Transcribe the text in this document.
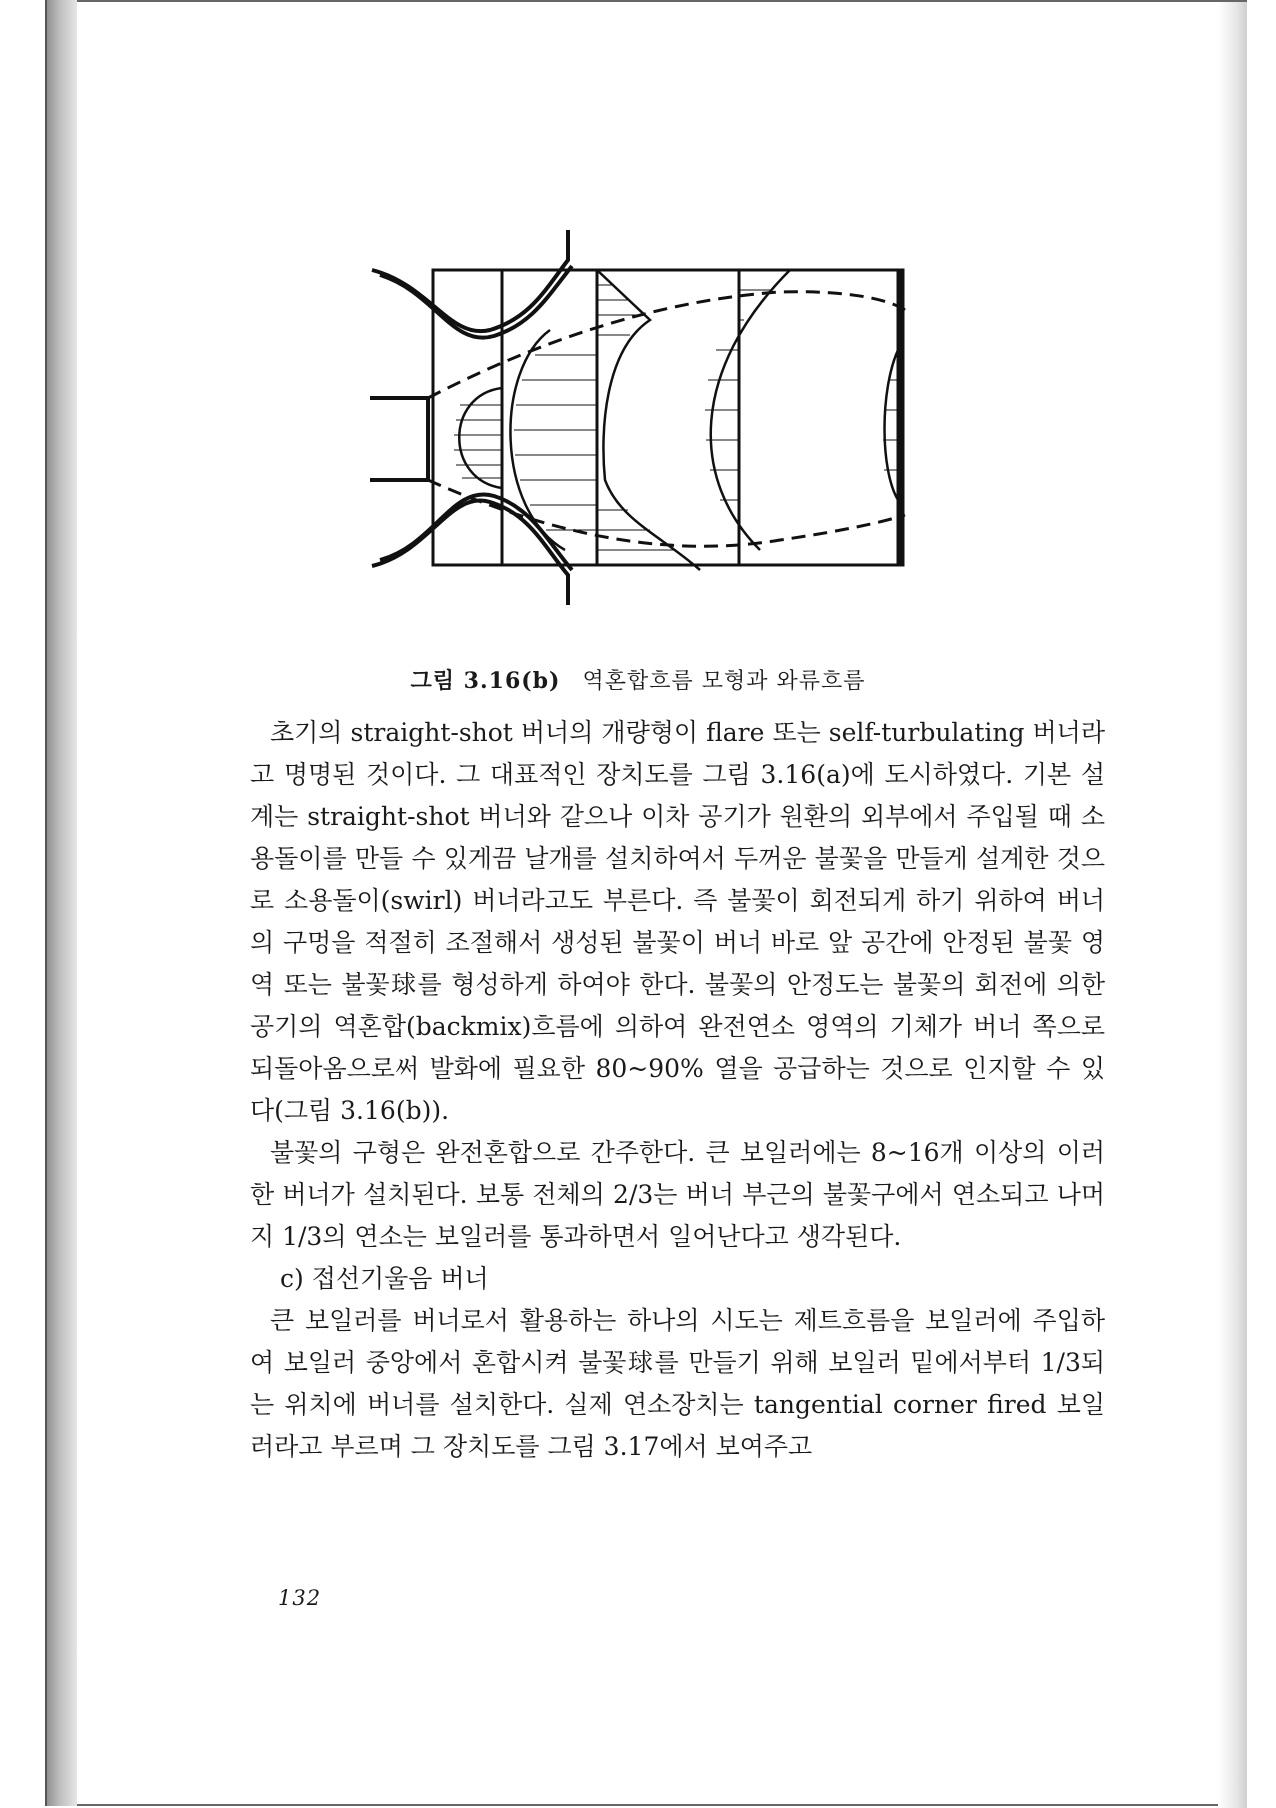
그림 3.16(b) 역혼합흐름 모형과 와류흐름

초기의 straight-shot 버너의 개량형이 flare 또는 self-turbulating 버너라고 명명된 것이다. 그 대표적인 장치도를 그림 3.16(a)에 도시하였다. 기본 설계는 straight-shot 버너와 같으나 이차 공기가 원환의 외부에서 주입될 때 소용돌이를 만들 수 있게끔 날개를 설치하여서 두꺼운 불꽃을 만들게 설계한 것으로 소용돌이(swirl) 버너라고도 부른다. 즉 불꽃이 회전되게 하기 위하여 버너의 구멍을 적절히 조절해서 생성된 불꽃이 버너 바로 앞 공간에 안정된 불꽃 영역 또는 불꽃球를 형성하게 하여야 한다. 불꽃의 안정도는 불꽃의 회전에 의한 공기의 역혼합(backmix)흐름에 의하여 완전연소 영역의 기체가 버너 쪽으로 되돌아옴으로써 발화에 필요한 80~90% 열을 공급하는 것으로 인지할 수 있다(그림 3.16(b)).

불꽃의 구형은 완전혼합으로 간주한다. 큰 보일러에는 8~16개 이상의 이러한 버너가 설치된다. 보통 전체의 2/3는 버너 부근의 불꽃구에서 연소되고 나머지 1/3의 연소는 보일러를 통과하면서 일어난다고 생각된다.

c) 접선기울음 버너

큰 보일러를 버너로서 활용하는 하나의 시도는 제트흐름을 보일러에 주입하여 보일러 중앙에서 혼합시켜 불꽃球를 만들기 위해 보일러 밑에서부터 1/3되는 위치에 버너를 설치한다. 실제 연소장치는 tangential corner fired 보일러라고 부르며 그 장치도를 그림 3.17에서 보여주고

132
